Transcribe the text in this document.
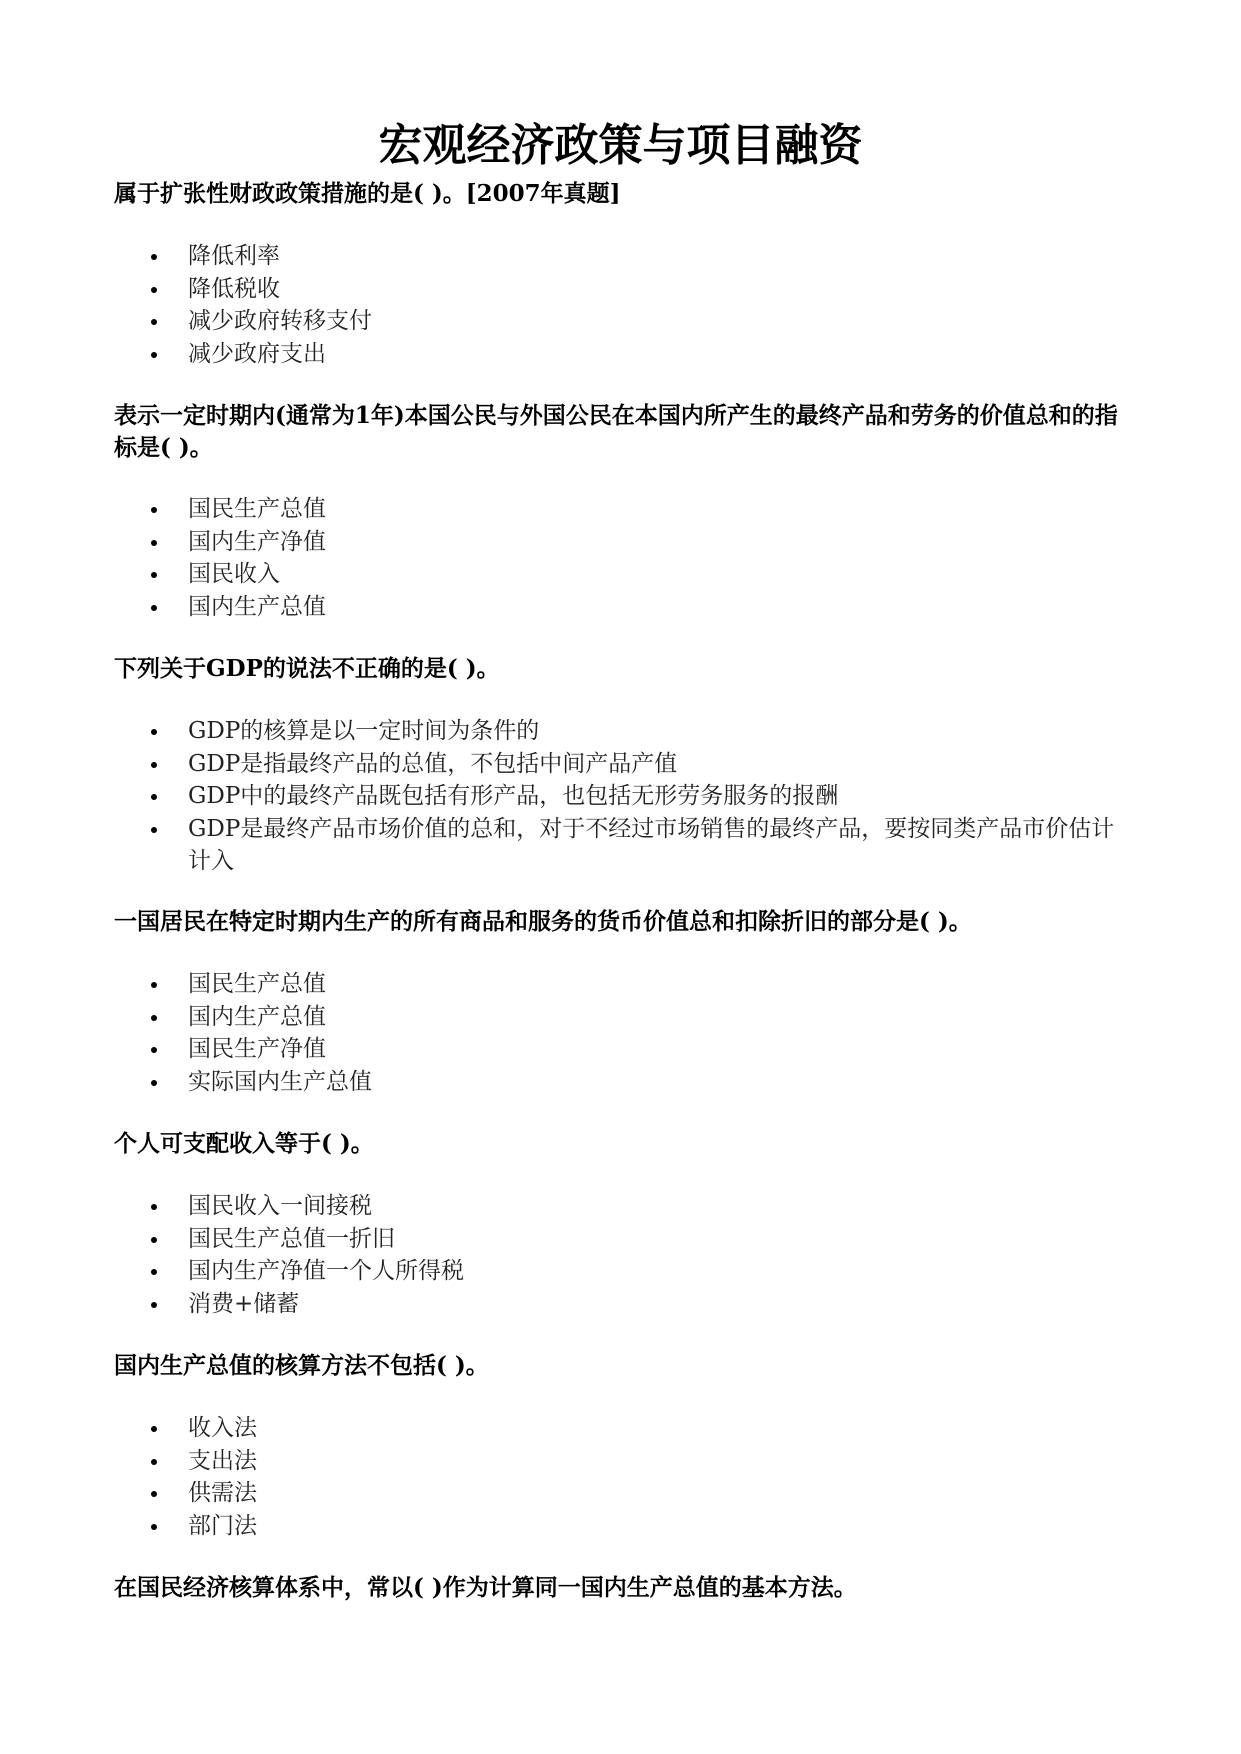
宏观经济政策与项目融资

属于扩张性财政政策措施的是( )。[2007年真题]

降低利率
降低税收
减少政府转移支付
减少政府支出

表示一定时期内(通常为1年)本国公民与外国公民在本国内所产生的最终产品和劳务的价值总和的指标是( )。

国民生产总值
国内生产净值
国民收入
国内生产总值

下列关于GDP的说法不正确的是( )。

GDP的核算是以一定时间为条件的
GDP是指最终产品的总值，不包括中间产品产值
GDP中的最终产品既包括有形产品，也包括无形劳务服务的报酬
GDP是最终产品市场价值的总和，对于不经过市场销售的最终产品，要按同类产品市价估计计入

一国居民在特定时期内生产的所有商品和服务的货币价值总和扣除折旧的部分是( )。

国民生产总值
国内生产总值
国民生产净值
实际国内生产总值

个人可支配收入等于( )。

国民收入一间接税
国民生产总值一折旧
国内生产净值一个人所得税
消费+储蓄

国内生产总值的核算方法不包括( )。

收入法
支出法
供需法
部门法

在国民经济核算体系中，常以( )作为计算同一国内生产总值的基本方法。
